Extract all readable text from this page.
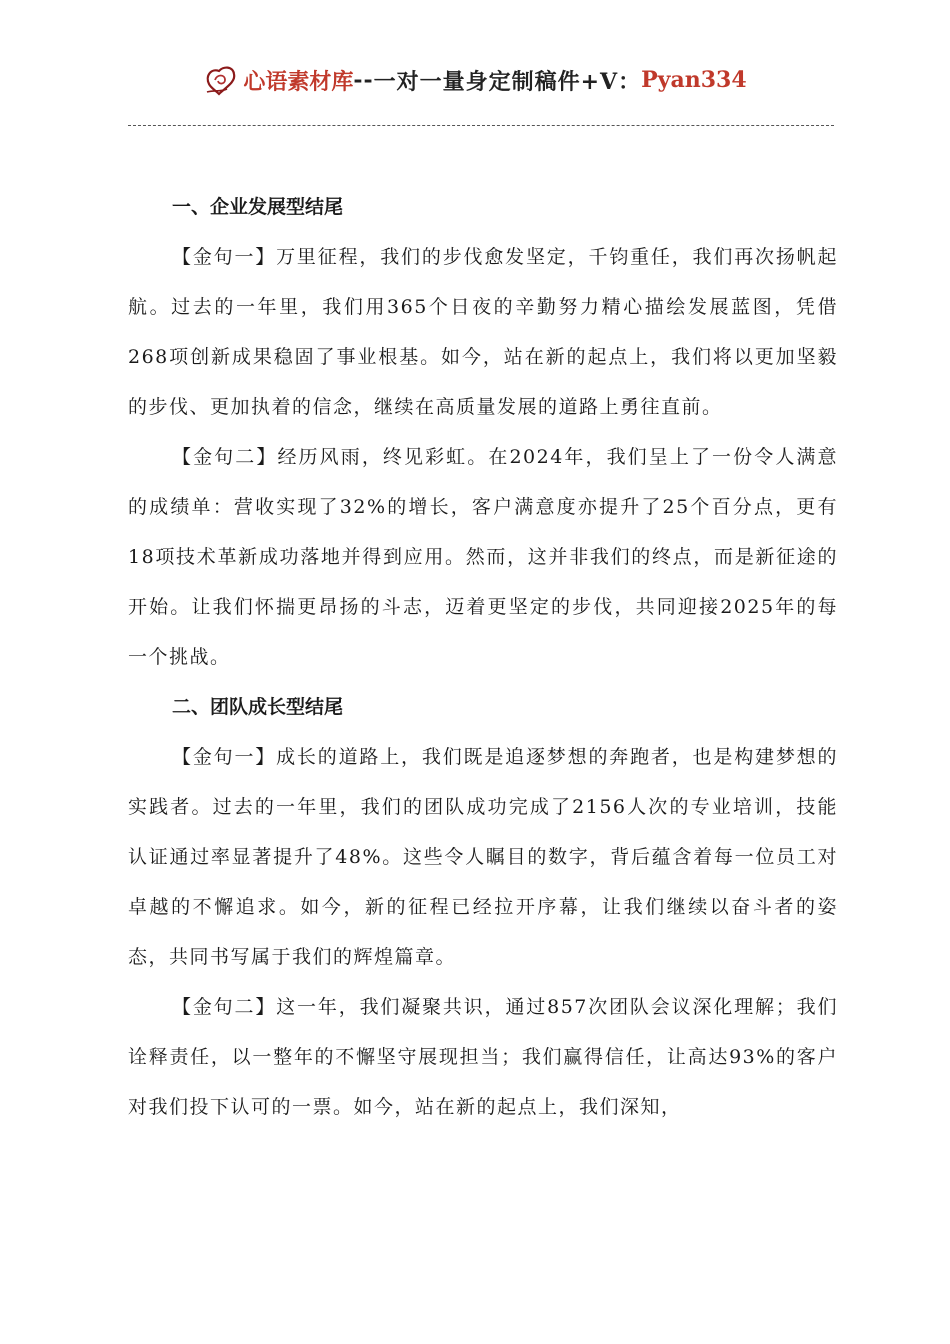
心语素材库 -- 一对一量身定制稿件+V： Pyan334
一、企业发展型结尾

【金句一】万里征程，我们的步伐愈发坚定，千钧重任，我们再次扬帆起航。过去的一年里，我们用365个日夜的辛勤努力精心描绘发展蓝图，凭借268项创新成果稳固了事业根基。如今，站在新的起点上，我们将以更加坚毅的步伐、更加执着的信念，继续在高质量发展的道路上勇往直前。

【金句二】经历风雨，终见彩虹。在2024年，我们呈上了一份令人满意的成绩单：营收实现了32%的增长，客户满意度亦提升了25个百分点，更有18项技术革新成功落地并得到应用。然而，这并非我们的终点，而是新征途的开始。让我们怀揣更昂扬的斗志，迈着更坚定的步伐，共同迎接2025年的每一个挑战。

二、团队成长型结尾

【金句一】成长的道路上，我们既是追逐梦想的奔跑者，也是构建梦想的实践者。过去的一年里，我们的团队成功完成了2156人次的专业培训，技能认证通过率显著提升了48%。这些令人瞩目的数字，背后蕴含着每一位员工对卓越的不懈追求。如今，新的征程已经拉开序幕，让我们继续以奋斗者的姿态，共同书写属于我们的辉煌篇章。

【金句二】这一年，我们凝聚共识，通过857次团队会议深化理解；我们诠释责任，以一整年的不懈坚守展现担当；我们赢得信任，让高达93%的客户对我们投下认可的一票。如今，站在新的起点上，我们深知，
